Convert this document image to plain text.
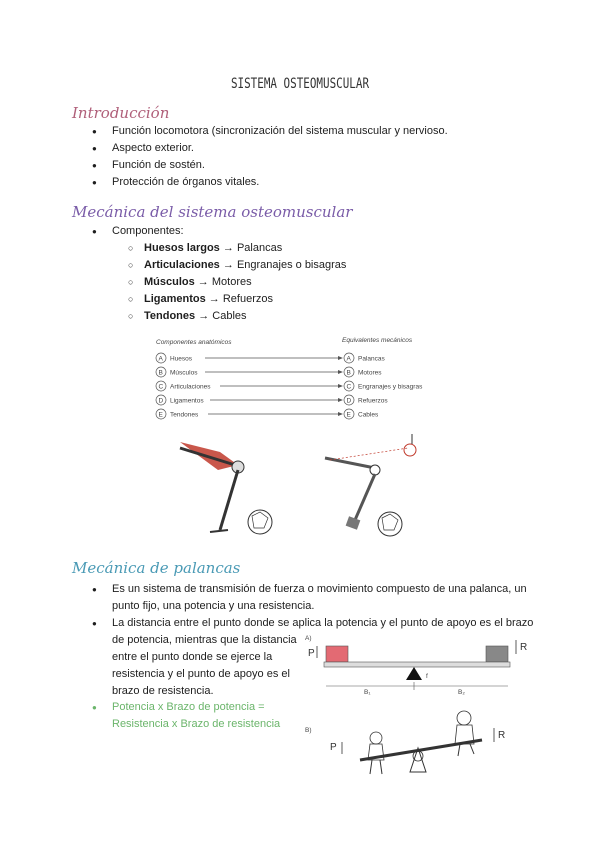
SISTEMA OSTEOMUSCULAR
Introducción
● Función locomotora (sincronización del sistema muscular y nervioso.
● Aspecto exterior.
● Función de sostén.
● Protección de órganos vitales.
Mecánica del sistema osteomuscular
● Componentes:
○ Huesos largos → Palancas
○ Articulaciones → Engranajes o bisagras
○ Músculos → Motores
○ Ligamentos → Refuerzos
○ Tendones → Cables
Componentes anatómicos	Equivalentes mecánicos
A Huesos	A Palancas
B Músculos	B Motores
C Articulaciones	C Engranajes y bisagras
D Ligamentos	D Refuerzos
E Tendones	E Cables
Mecánica de palancas
● Es un sistema de transmisión de fuerza o movimiento compuesto de una palanca, un punto fijo, una potencia y una resistencia.
● La distancia entre el punto donde se aplica la potencia y el punto de apoyo es el brazo
de potencia, mientras que la distancia
entre el punto donde se ejerce la
resistencia y el punto de apoyo es el
brazo de resistencia.
● Potencia x Brazo de potencia =
Resistencia x Brazo de resistencia
A)
P
R
f
B₁	B₂
B)
P
R
